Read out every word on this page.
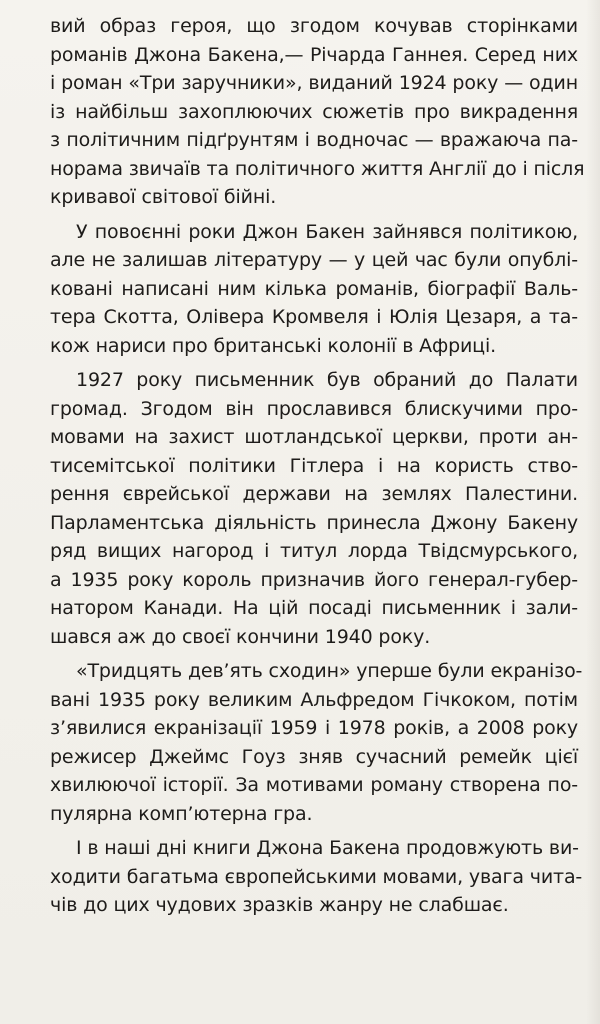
вий образ героя, що згодом кочував сторінками
романів Джона Бакена,— Річарда Ганнея. Серед них
і роман «Три заручники», виданий 1924 року — один
із найбільш захоплюючих сюжетів про викрадення
з політичним підґрунтям і водночас — вражаюча па-
норама звичаїв та політичного життя Англії до і після
кривавої світової бійні.
У повоєнні роки Джон Бакен зайнявся політикою,
але не залишав літературу — у цей час були опублі-
ковані написані ним кілька романів, біографії Валь-
тера Скотта, Олівера Кромвеля і Юлія Цезаря, а та-
кож нариси про британські колонії в Африці.
1927 року письменник був обраний до Палати
громад. Згодом він прославився блискучими про-
мовами на захист шотландської церкви, проти ан-
тисемітської політики Гітлера і на користь ство-
рення єврейської держави на землях Палестини.
Парламентська діяльність принесла Джону Бакену
ряд вищих нагород і титул лорда Твідсмурського,
а 1935 року король призначив його генерал-губер-
натором Канади. На цій посаді письменник і зали-
шався аж до своєї кончини 1940 року.
«Тридцять дев’ять сходин» уперше були екранізо-
вані 1935 року великим Альфредом Гічкоком, потім
з’явилися екранізації 1959 і 1978 років, а 2008 року
режисер Джеймс Гоуз зняв сучасний ремейк цієї
хвилюючої історії. За мотивами роману створена по-
пулярна комп’ютерна гра.
І в наші дні книги Джона Бакена продовжують ви-
ходити багатьма європейськими мовами, увага чита-
чів до цих чудових зразків жанру не слабшає.
